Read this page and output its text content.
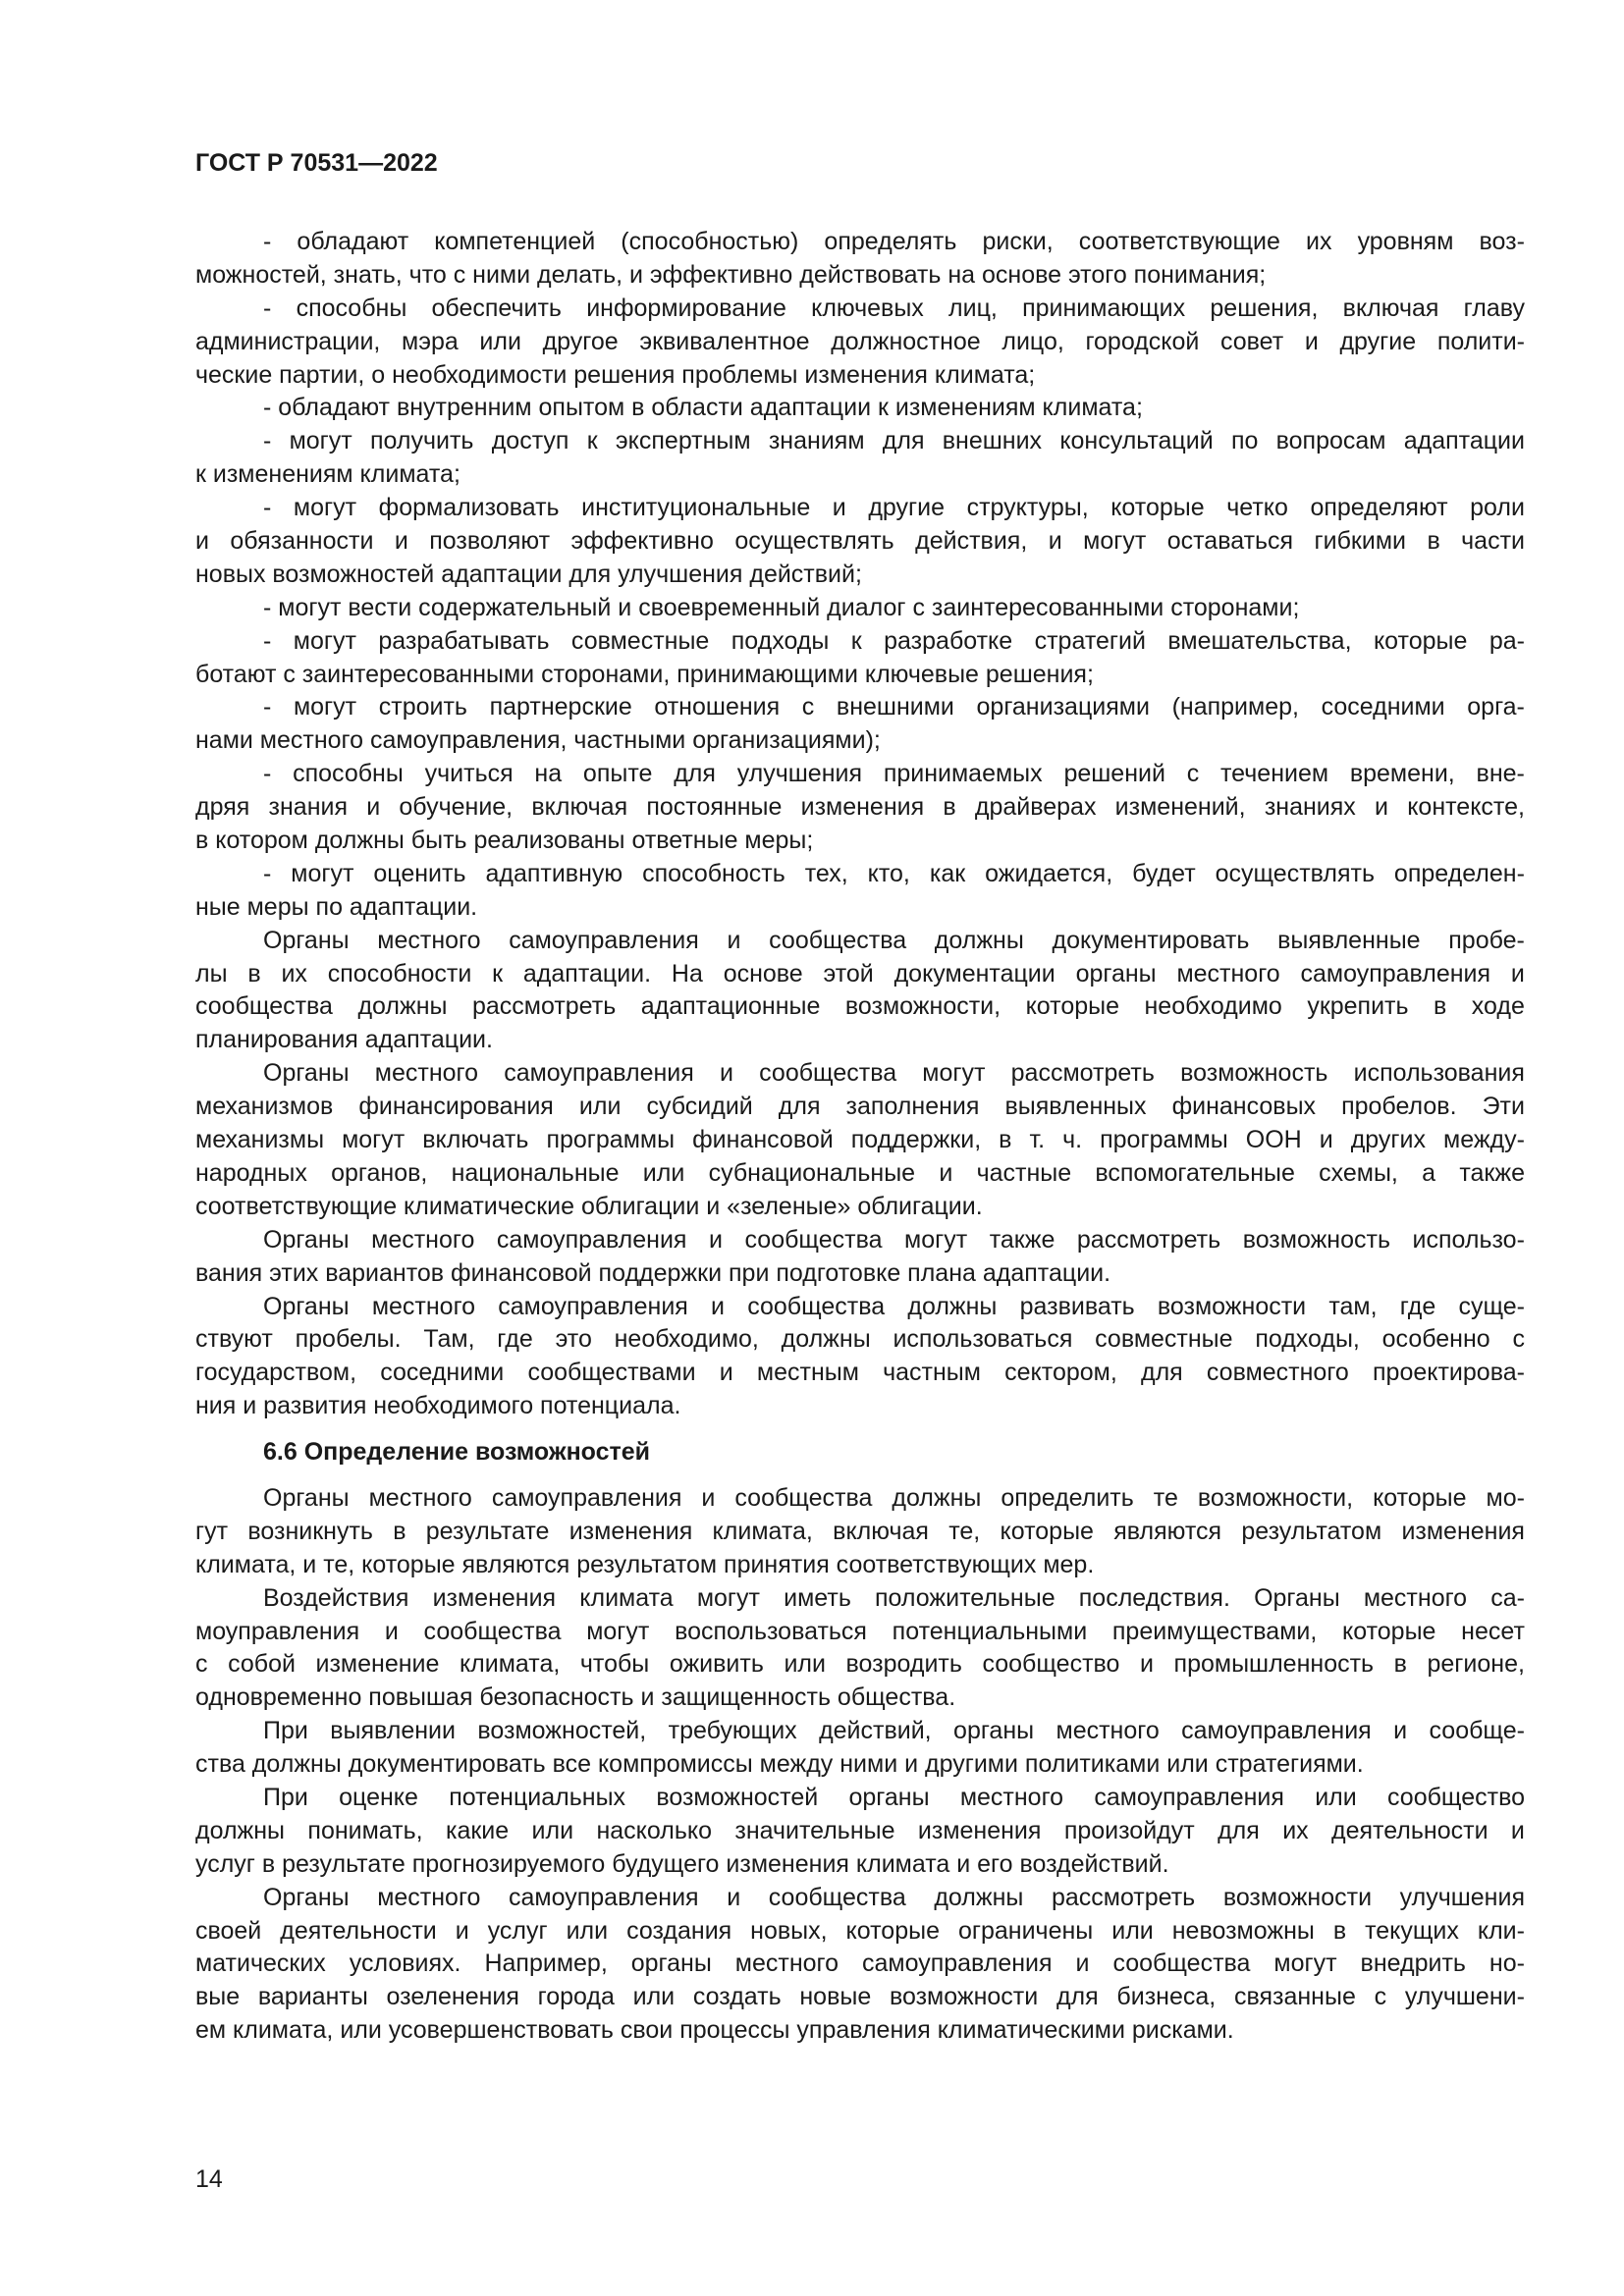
ГОСТ Р 70531—2022
- обладают компетенцией (способностью) определять риски, соответствующие их уровням воз-
можностей, знать, что с ними делать, и эффективно действовать на основе этого понимания;
- способны обеспечить информирование ключевых лиц, принимающих решения, включая главу
администрации, мэра или другое эквивалентное должностное лицо, городской совет и другие полити-
ческие партии, о необходимости решения проблемы изменения климата;
- обладают внутренним опытом в области адаптации к изменениям климата;
- могут получить доступ к экспертным знаниям для внешних консультаций по вопросам адаптации
к изменениям климата;
- могут формализовать институциональные и другие структуры, которые четко определяют роли
и обязанности и позволяют эффективно осуществлять действия, и могут оставаться гибкими в части
новых возможностей адаптации для улучшения действий;
- могут вести содержательный и своевременный диалог с заинтересованными сторонами;
- могут разрабатывать совместные подходы к разработке стратегий вмешательства, которые ра-
ботают с заинтересованными сторонами, принимающими ключевые решения;
- могут строить партнерские отношения с внешними организациями (например, соседними орга-
нами местного самоуправления, частными организациями);
- способны учиться на опыте для улучшения принимаемых решений с течением времени, вне-
дряя знания и обучение, включая постоянные изменения в драйверах изменений, знаниях и контексте,
в котором должны быть реализованы ответные меры;
- могут оценить адаптивную способность тех, кто, как ожидается, будет осуществлять определен-
ные меры по адаптации.
Органы местного самоуправления и сообщества должны документировать выявленные пробе-
лы в их способности к адаптации. На основе этой документации органы местного самоуправления и
сообщества должны рассмотреть адаптационные возможности, которые необходимо укрепить в ходе
планирования адаптации.
Органы местного самоуправления и сообщества могут рассмотреть возможность использования
механизмов финансирования или субсидий для заполнения выявленных финансовых пробелов. Эти
механизмы могут включать программы финансовой поддержки, в т. ч. программы ООН и других между-
народных органов, национальные или субнациональные и частные вспомогательные схемы, а также
соответствующие климатические облигации и «зеленые» облигации.
Органы местного самоуправления и сообщества могут также рассмотреть возможность использо-
вания этих вариантов финансовой поддержки при подготовке плана адаптации.
Органы местного самоуправления и сообщества должны развивать возможности там, где суще-
ствуют пробелы. Там, где это необходимо, должны использоваться совместные подходы, особенно с
государством, соседними сообществами и местным частным сектором, для совместного проектирова-
ния и развития необходимого потенциала.
6.6 Определение возможностей
Органы местного самоуправления и сообщества должны определить те возможности, которые мо-
гут возникнуть в результате изменения климата, включая те, которые являются результатом изменения
климата, и те, которые являются результатом принятия соответствующих мер.
Воздействия изменения климата могут иметь положительные последствия. Органы местного са-
моуправления и сообщества могут воспользоваться потенциальными преимуществами, которые несет
с собой изменение климата, чтобы оживить или возродить сообщество и промышленность в регионе,
одновременно повышая безопасность и защищенность общества.
При выявлении возможностей, требующих действий, органы местного самоуправления и сообще-
ства должны документировать все компромиссы между ними и другими политиками или стратегиями.
При оценке потенциальных возможностей органы местного самоуправления или сообщество
должны понимать, какие или насколько значительные изменения произойдут для их деятельности и
услуг в результате прогнозируемого будущего изменения климата и его воздействий.
Органы местного самоуправления и сообщества должны рассмотреть возможности улучшения
своей деятельности и услуг или создания новых, которые ограничены или невозможны в текущих кли-
матических условиях. Например, органы местного самоуправления и сообщества могут внедрить но-
вые варианты озеленения города или создать новые возможности для бизнеса, связанные с улучшени-
ем климата, или усовершенствовать свои процессы управления климатическими рисками.
14
